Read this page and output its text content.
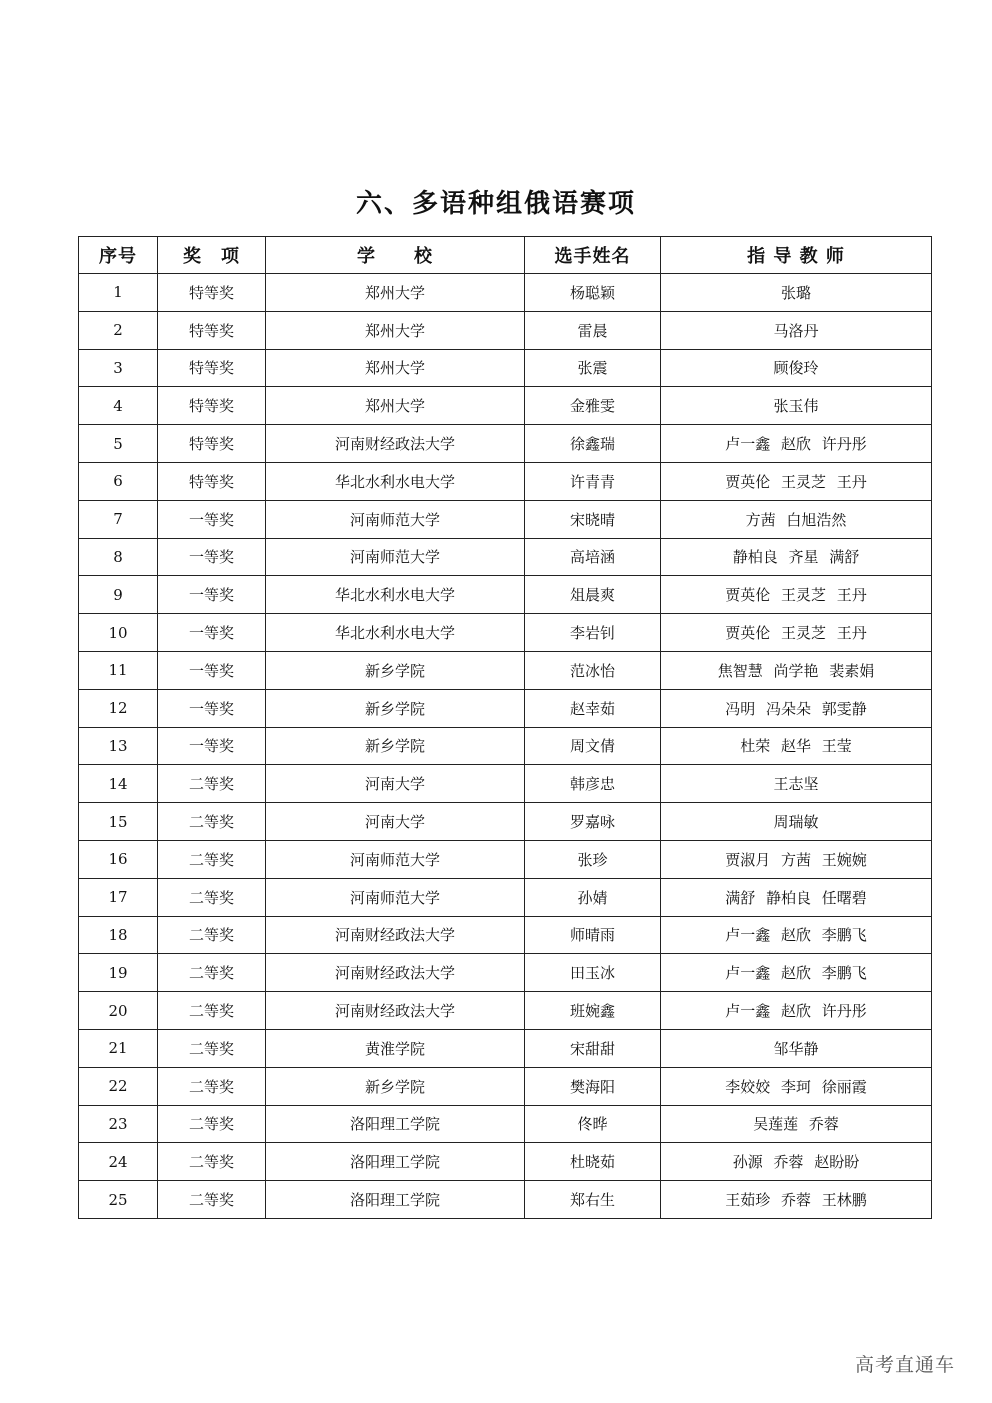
六、多语种组俄语赛项
序号	奖　项	学　　校	选手姓名	指 导 教 师
1	特等奖	郑州大学	杨聪颖	张璐
2	特等奖	郑州大学	雷晨	马洛丹
3	特等奖	郑州大学	张震	顾俊玲
4	特等奖	郑州大学	金雅雯	张玉伟
5	特等奖	河南财经政法大学	徐鑫瑞	卢一鑫 赵欣 许丹彤
6	特等奖	华北水利水电大学	许青青	贾英伦 王灵芝 王丹
7	一等奖	河南师范大学	宋晓晴	方茜 白旭浩然
8	一等奖	河南师范大学	高培涵	静柏良 齐星 满舒
9	一等奖	华北水利水电大学	俎晨爽	贾英伦 王灵芝 王丹
10	一等奖	华北水利水电大学	李岩钊	贾英伦 王灵芝 王丹
11	一等奖	新乡学院	范冰怡	焦智慧 尚学艳 裴素娟
12	一等奖	新乡学院	赵幸茹	冯明 冯朵朵 郭雯静
13	一等奖	新乡学院	周文倩	杜荣 赵华 王莹
14	二等奖	河南大学	韩彦忠	王志坚
15	二等奖	河南大学	罗嘉咏	周瑞敏
16	二等奖	河南师范大学	张珍	贾淑月 方茜 王婉婉
17	二等奖	河南师范大学	孙婧	满舒 静柏良 任曙碧
18	二等奖	河南财经政法大学	师晴雨	卢一鑫 赵欣 李鹏飞
19	二等奖	河南财经政法大学	田玉冰	卢一鑫 赵欣 李鹏飞
20	二等奖	河南财经政法大学	班婉鑫	卢一鑫 赵欣 许丹彤
21	二等奖	黄淮学院	宋甜甜	邹华静
22	二等奖	新乡学院	樊海阳	李姣姣 李珂 徐丽霞
23	二等奖	洛阳理工学院	佟晔	吴莲莲 乔蓉
24	二等奖	洛阳理工学院	杜晓茹	孙源 乔蓉 赵盼盼
25	二等奖	洛阳理工学院	郑右生	王茹珍 乔蓉 王林鹏
高考直通车
